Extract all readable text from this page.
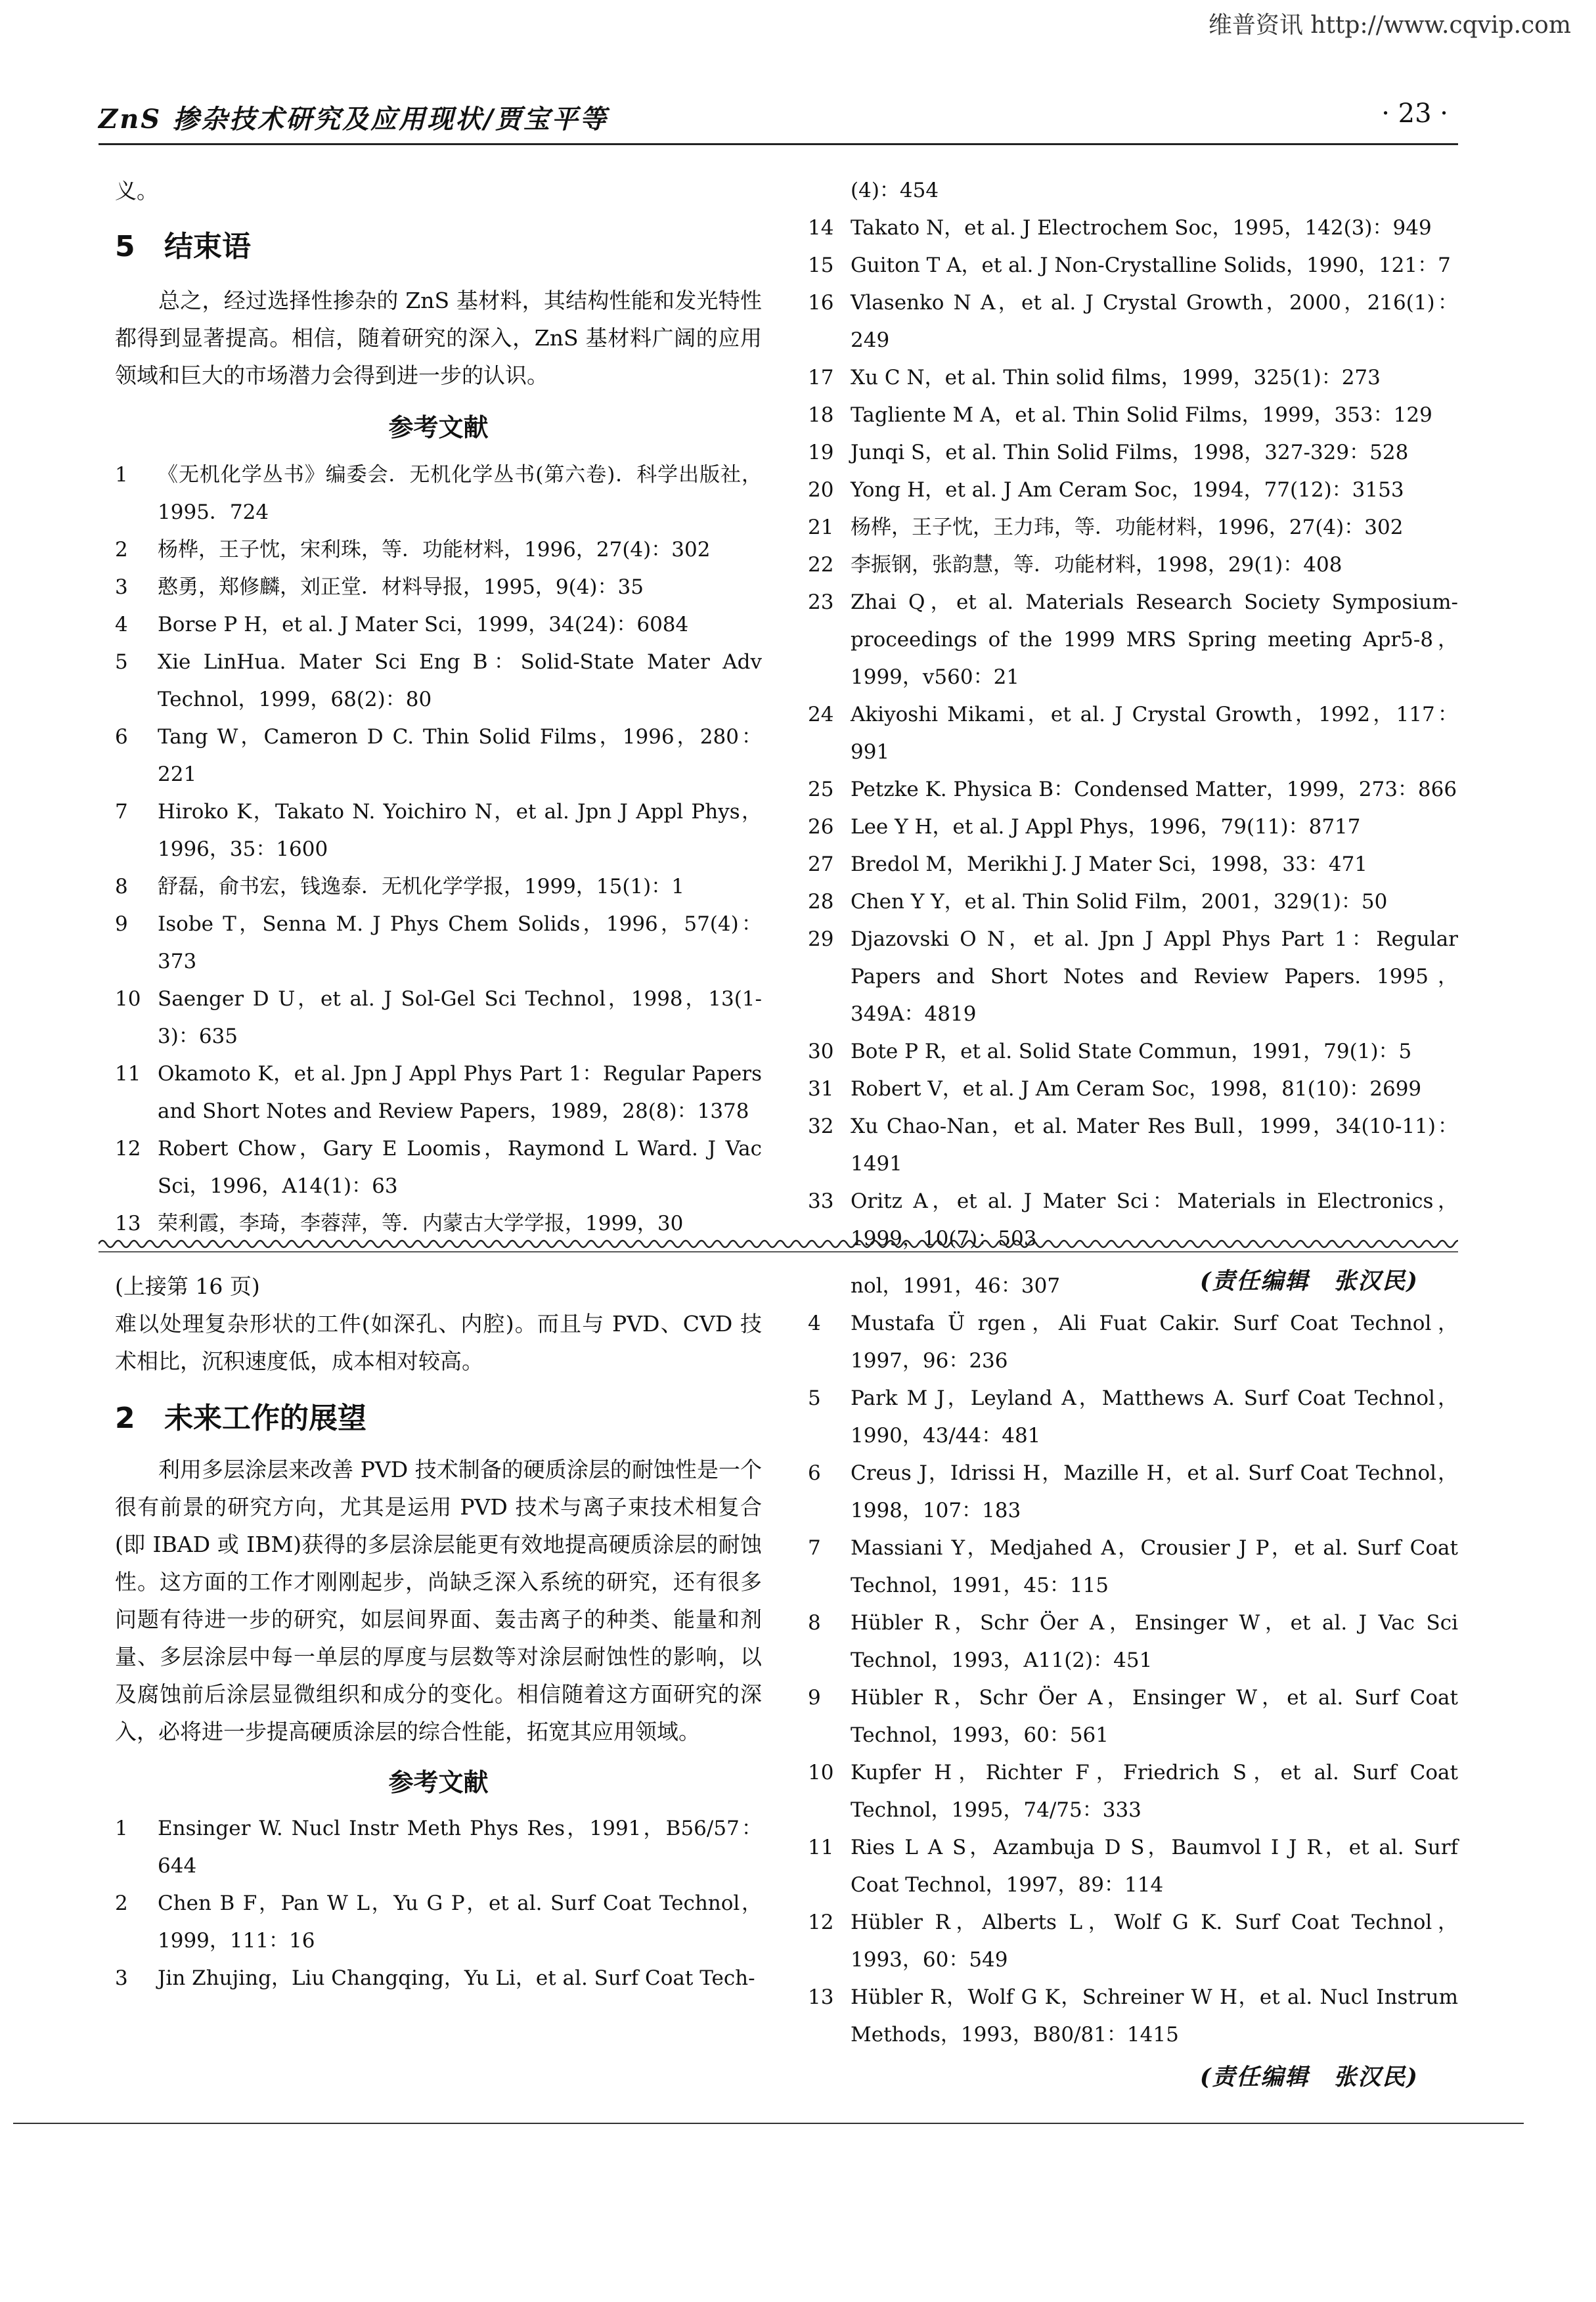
维普资讯 http://www.cqvip.com
ZnS 掺杂技术研究及应用现状/贾宝平等	· 23 ·
义。
5 结束语

总之，经过选择性掺杂的 ZnS 基材料，其结构性能和发光特性都得到显著提高。相信，随着研究的深入，ZnS 基材料广阔的应用领域和巨大的市场潜力会得到进一步的认识。

参考文献
1	《无机化学丛书》编委会．无机化学丛书(第六卷)．科学出版社，1995．724
2	杨桦，王子忱，宋利珠，等．功能材料，1996，27(4)：302
3	憨勇，郑修麟，刘正堂．材料导报，1995，9(4)：35
4	Borse P H，et al. J Mater Sci，1999，34(24)：6084
5	Xie LinHua. Mater Sci Eng B：Solid-State Mater Adv Technol，1999，68(2)：80
6	Tang W，Cameron D C. Thin Solid Films，1996，280：221
7	Hiroko K，Takato N. Yoichiro N，et al. Jpn J Appl Phys，1996，35：1600
8	舒磊，俞书宏，钱逸泰．无机化学学报，1999，15(1)：1
9	Isobe T，Senna M. J Phys Chem Solids，1996，57(4)：373
10 Saenger D U，et al. J Sol-Gel Sci Technol，1998，13(1-3)：635
11 Okamoto K，et al. Jpn J Appl Phys Part 1：Regular Papers and Short Notes and Review Papers，1989，28(8)：1378
12 Robert Chow，Gary E Loomis，Raymond L Ward. J Vac Sci，1996，A14(1)：63
13 荣利霞，李琦，李蓉萍，等．内蒙古大学学报，1999，30
(4)：454
14 Takato N，et al. J Electrochem Soc，1995，142(3)：949
15 Guiton T A，et al. J Non-Crystalline Solids，1990，121：7
16 Vlasenko N A，et al. J Crystal Growth，2000，216(1)：249
17 Xu C N，et al. Thin solid films，1999，325(1)：273
18 Tagliente M A，et al. Thin Solid Films，1999，353：129
19 Junqi S，et al. Thin Solid Films，1998，327-329：528
20 Yong H，et al. J Am Ceram Soc，1994，77(12)：3153
21 杨桦，王子忱，王力玮，等．功能材料，1996，27(4)：302
22 李振钢，张韵慧，等．功能材料，1998，29(1)：408
23 Zhai Q，et al. Materials Research Society Symposium-proceedings of the 1999 MRS Spring meeting Apr5-8，1999，v560：21
24 Akiyoshi Mikami，et al. J Crystal Growth，1992，117：991
25 Petzke K. Physica B：Condensed Matter，1999，273：866
26 Lee Y H，et al. J Appl Phys，1996，79(11)：8717
27 Bredol M，Merikhi J. J Mater Sci，1998，33：471
28 Chen Y Y，et al. Thin Solid Film，2001，329(1)：50
29 Djazovski O N，et al. Jpn J Appl Phys Part 1：Regular Papers and Short Notes and Review Papers. 1995，349A：4819
30 Bote P R，et al. Solid State Commun，1991，79(1)：5
31 Robert V，et al. J Am Ceram Soc，1998，81(10)：2699
32 Xu Chao-Nan，et al. Mater Res Bull，1999，34(10-11)：1491
33 Oritz A，et al. J Mater Sci：Materials in Electronics，1999，10(7)：503
(责任编辑　张汉民)
(上接第 16 页)

难以处理复杂形状的工件(如深孔、内腔)。而且与 PVD、CVD 技术相比，沉积速度低，成本相对较高。

2 未来工作的展望

利用多层涂层来改善 PVD 技术制备的硬质涂层的耐蚀性是一个很有前景的研究方向，尤其是运用 PVD 技术与离子束技术相复合(即 IBAD 或 IBM)获得的多层涂层能更有效地提高硬质涂层的耐蚀性。这方面的工作才刚刚起步，尚缺乏深入系统的研究，还有很多问题有待进一步的研究，如层间界面、轰击离子的种类、能量和剂量、多层涂层中每一单层的厚度与层数等对涂层耐蚀性的影响，以及腐蚀前后涂层显微组织和成分的变化。相信随着这方面研究的深入，必将进一步提高硬质涂层的综合性能，拓宽其应用领域。

参考文献
1	Ensinger W. Nucl Instr Meth Phys Res，1991，B56/57：644
2	Chen B F，Pan W L，Yu G P，et al. Surf Coat Technol，1999，111：16
3	Jin Zhujing，Liu Changqing，Yu Li，et al. Surf Coat Tech-
nol，1991，46：307
4	Mustafa Ü rgen，Ali Fuat Cakir. Surf Coat Technol，1997，96：236
5	Park M J，Leyland A，Matthews A. Surf Coat Technol，1990，43/44：481
6	Creus J，Idrissi H，Mazille H，et al. Surf Coat Technol，1998，107：183
7	Massiani Y，Medjahed A，Crousier J P，et al. Surf Coat Technol，1991，45：115
8	Hübler R，Schr Öer A，Ensinger W，et al. J Vac Sci Technol，1993，A11(2)：451
9	Hübler R，Schr Öer A，Ensinger W，et al. Surf Coat Technol，1993，60：561
10 Kupfer H，Richter F，Friedrich S，et al. Surf Coat Technol，1995，74/75：333
11 Ries L A S，Azambuja D S，Baumvol I J R，et al. Surf Coat Technol，1997，89：114
12 Hübler R，Alberts L，Wolf G K. Surf Coat Technol，1993，60：549
13 Hübler R，Wolf G K，Schreiner W H，et al. Nucl Instrum Methods，1993，B80/81：1415
(责任编辑　张汉民)
